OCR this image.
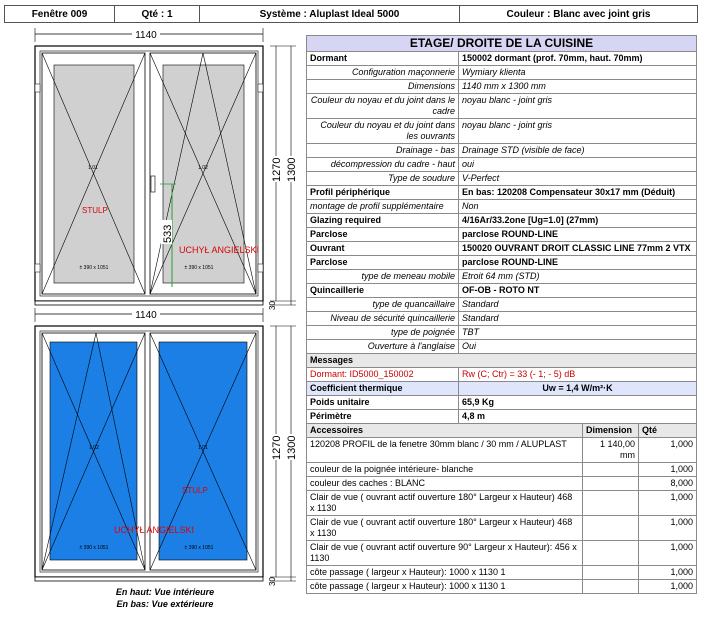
Fenêtre 009	Qté : 1	Système : Aluplast Ideal 5000	Couleur : Blanc avec joint gris
1140
533
1.01	1.02
± 390 x 1051	± 390 x 1051
STULP
UCHYŁ ANGIELSKI
1270 1300
30
1140
1.02	1.01
± 390 x 1051	± 390 x 1051
STULP
UCHYŁ ANGIELSKI
1270 1300
30
En haut: Vue intérieure
En bas: Vue extérieure
ETAGE/ DROITE DE LA CUISINE			
Dormant	150002 dormant (prof. 70mm, haut. 70mm)		
Configuration maçonnerie	Wymiary klienta		
Dimensions	1140 mm x 1300 mm		
Couleur du noyau et du joint dans le cadre	noyau blanc - joint gris		
Couleur du noyau et du joint dans les ouvrants	noyau blanc - joint gris		
Drainage - bas	Drainage STD (visible de face)		
décompression du cadre - haut	oui		
Type de soudure	V-Perfect		
Profil périphérique	En bas: 120208 Compensateur 30x17 mm (Déduit)		
montage de profil supplémentaire	Non		
Glazing required	4/16Ar/33.2one [Ug=1.0] (27mm)		
Parclose	parclose ROUND-LINE		
Ouvrant	150020 OUVRANT DROIT CLASSIC LINE 77mm 2 VTX		
Parclose	parclose ROUND-LINE		
type de meneau mobile	Etroit 64 mm (STD)		
Quincaillerie	OF-OB - ROTO NT		
type de quancaillaire	Standard		
Niveau de sécurité quincaillerie	Standard		
type de poignée	TBT		
Ouverture à l'anglaise	Oui		
Messages			
Dormant: ID5000_150002	Rw (C; Ctr) = 33 (- 1; - 5) dB		
Coefficient thermique	Uw = 1,4 W/m²·K		
Poids unitaire	65,9 Kg		
Périmètre	4,8 m		
Accessoires		Dimension	Qté
120208 PROFIL de la fenetre 30mm blanc / 30 mm / ALUPLAST		1 140,00 mm	1,000
couleur de la poignée intérieure- blanche			1,000
couleur des caches : BLANC			8,000
Clair de vue ( ouvrant actif ouverture 180° Largeur x Hauteur) 468 x 1130			1,000
Clair de vue ( ouvrant actif ouverture 180° Largeur x Hauteur) 468 x 1130			1,000
Clair de vue ( ouvrant actif ouverture 90° Largeur x Hauteur): 456 x 1130			1,000
côte passage ( largeur x Hauteur): 1000 x 1130 1			1,000
côte passage ( largeur x Hauteur): 1000 x 1130 1			1,000
